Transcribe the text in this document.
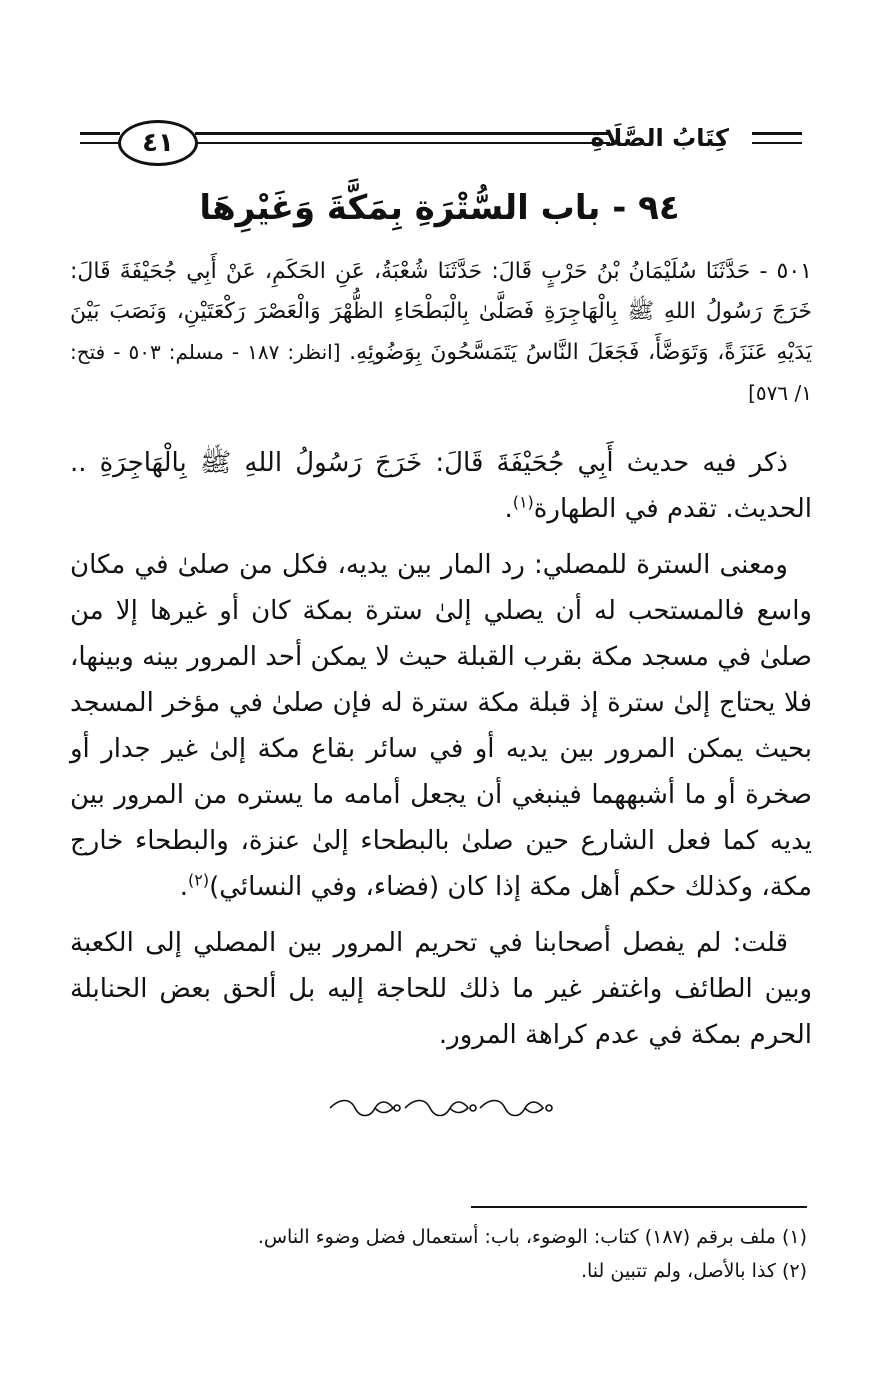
٤١	كِتَابُ الصَّلَاةِ
٩٤ - باب السُّتْرَةِ بِمَكَّةَ وَغَيْرِهَا
٥٠١ - حَدَّثَنَا سُلَيْمَانُ بْنُ حَرْبٍ قَالَ: حَدَّثَنَا شُعْبَةُ، عَنِ الحَكَمِ، عَنْ أَبِي جُحَيْفَةَ قَالَ: خَرَجَ رَسُولُ اللهِ ﷺ بِالْهَاجِرَةِ فَصَلَّىٰ بِالْبَطْحَاءِ الظُّهْرَ وَالْعَصْرَ رَكْعَتَيْنِ، وَنَصَبَ بَيْنَ يَدَيْهِ عَنَزَةً، وَتَوَضَّأَ، فَجَعَلَ النَّاسُ يَتَمَسَّحُونَ بِوَضُوئِهِ. [انظر: ١٨٧ - مسلم: ٥٠٣ - فتح: ١/ ٥٧٦]

ذكر فيه حديث أَبِي جُحَيْفَةَ قَالَ: خَرَجَ رَسُولُ اللهِ ﷺ بِالْهَاجِرَةِ .. الحديث. تقدم في الطهارة$^{(١)}$.

ومعنى السترة للمصلي: رد المار بين يديه، فكل من صلىٰ في مكان واسع فالمستحب له أن يصلي إلىٰ سترة بمكة كان أو غيرها إلا من صلىٰ في مسجد مكة بقرب القبلة حيث لا يمكن أحد المرور بينه وبينها، فلا يحتاج إلىٰ سترة إذ قبلة مكة سترة له فإن صلىٰ في مؤخر المسجد بحيث يمكن المرور بين يديه أو في سائر بقاع مكة إلىٰ غير جدار أو صخرة أو ما أشبههما فينبغي أن يجعل أمامه ما يستره من المرور بين يديه كما فعل الشارع حين صلىٰ بالبطحاء إلىٰ عنزة، والبطحاء خارج مكة، وكذلك حكم أهل مكة إذا كان (فضاء، وفي النسائي)$^{(٢)}$.

قلت: لم يفصل أصحابنا في تحريم المرور بين المصلي إلى الكعبة وبين الطائف واغتفر غير ما ذلك للحاجة إليه بل ألحق بعض الحنابلة الحرم بمكة في عدم كراهة المرور.

(١) ملف برقم (١٨٧) كتاب: الوضوء، باب: أستعمال فضل وضوء الناس.
(٢) كذا بالأصل، ولم تتبين لنا.
